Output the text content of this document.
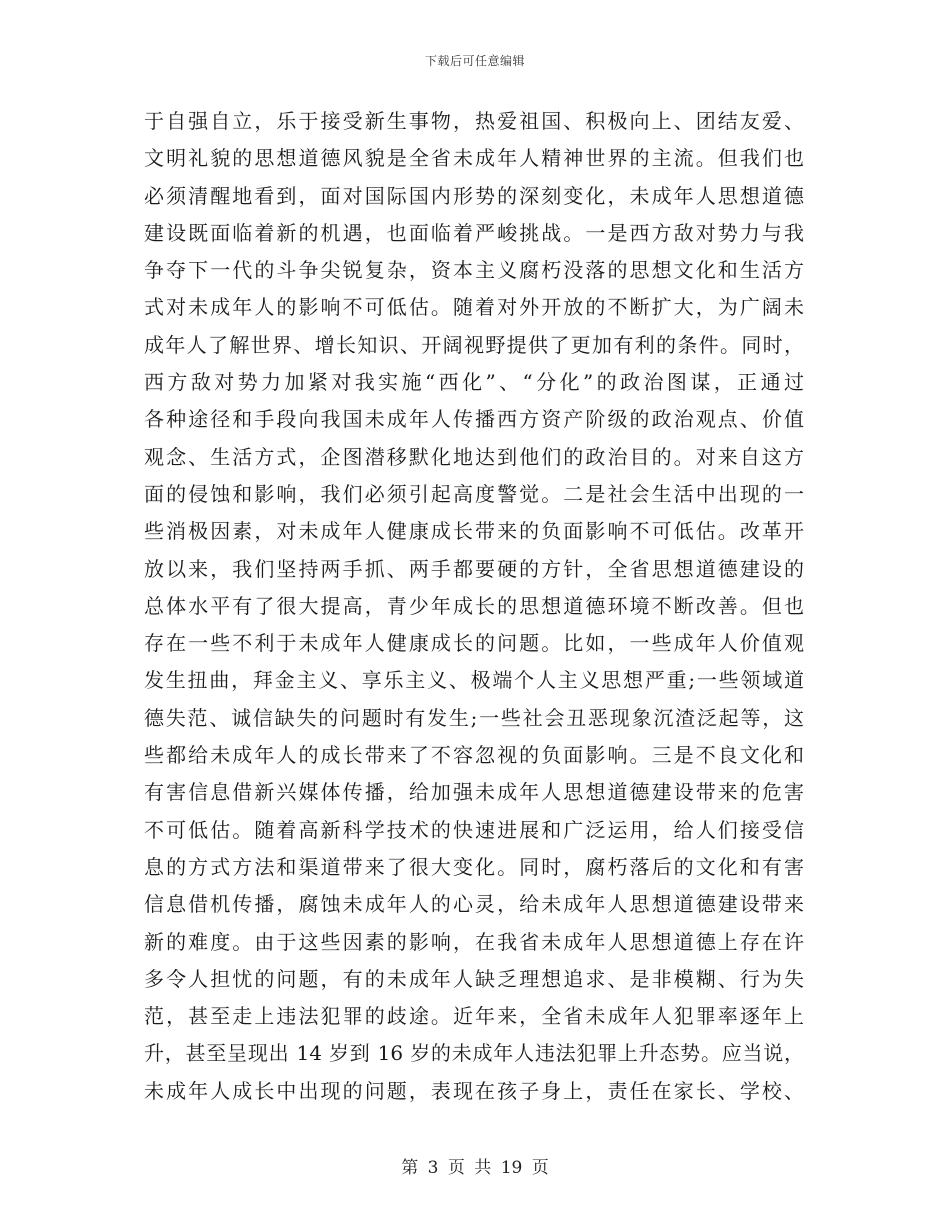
下载后可任意编辑
于自强自立，乐于接受新生事物，热爱祖国、积极向上、团结友爱、
文明礼貌的思想道德风貌是全省未成年人精神世界的主流。但我们也
必须清醒地看到，面对国际国内形势的深刻变化，未成年人思想道德
建设既面临着新的机遇，也面临着严峻挑战。一是西方敌对势力与我
争夺下一代的斗争尖锐复杂，资本主义腐朽没落的思想文化和生活方
式对未成年人的影响不可低估。随着对外开放的不断扩大，为广阔未
成年人了解世界、增长知识、开阔视野提供了更加有利的条件。同时，
西方敌对势力加紧对我实施“西化”、“分化”的政治图谋，正通过
各种途径和手段向我国未成年人传播西方资产阶级的政治观点、价值
观念、生活方式，企图潜移默化地达到他们的政治目的。对来自这方
面的侵蚀和影响，我们必须引起高度警觉。二是社会生活中出现的一
些消极因素，对未成年人健康成长带来的负面影响不可低估。改革开
放以来，我们坚持两手抓、两手都要硬的方针，全省思想道德建设的
总体水平有了很大提高，青少年成长的思想道德环境不断改善。但也
存在一些不利于未成年人健康成长的问题。比如，一些成年人价值观
发生扭曲，拜金主义、享乐主义、极端个人主义思想严重;一些领域道
德失范、诚信缺失的问题时有发生;一些社会丑恶现象沉渣泛起等，这
些都给未成年人的成长带来了不容忽视的负面影响。三是不良文化和
有害信息借新兴媒体传播，给加强未成年人思想道德建设带来的危害
不可低估。随着高新科学技术的快速进展和广泛运用，给人们接受信
息的方式方法和渠道带来了很大变化。同时，腐朽落后的文化和有害
信息借机传播，腐蚀未成年人的心灵，给未成年人思想道德建设带来
新的难度。由于这些因素的影响，在我省未成年人思想道德上存在许
多令人担忧的问题，有的未成年人缺乏理想追求、是非模糊、行为失
范，甚至走上违法犯罪的歧途。近年来，全省未成年人犯罪率逐年上
升，甚至呈现出 14 岁到 16 岁的未成年人违法犯罪上升态势。应当说，
未成年人成长中出现的问题，表现在孩子身上，责任在家长、学校、
第 3 页 共 19 页
